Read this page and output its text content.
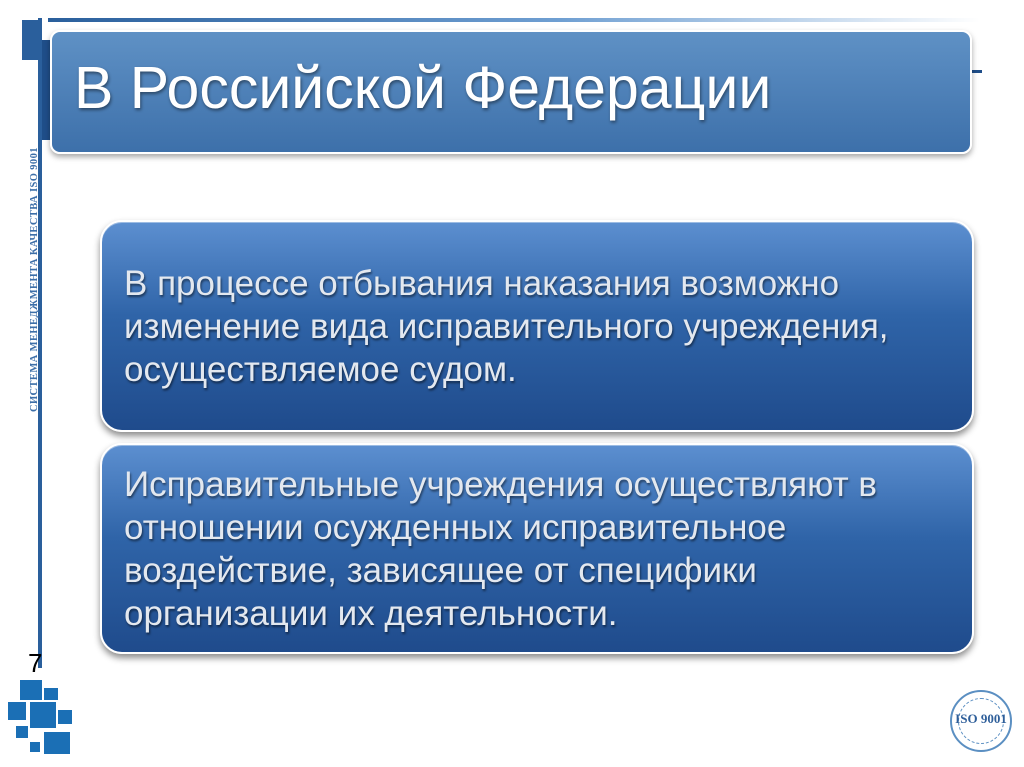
СИСТЕМА МЕНЕДЖМЕНТА КАЧЕСТВА ISO 9001
В Российской Федерации
В процессе отбывания наказания возможно изменение вида исправительного учреждения, осуществляемое судом.
Исправительные учреждения осуществляют в отношении осужденных исправительное воздействие, зависящее от специфики организации их деятельности.
7
ISO 9001
